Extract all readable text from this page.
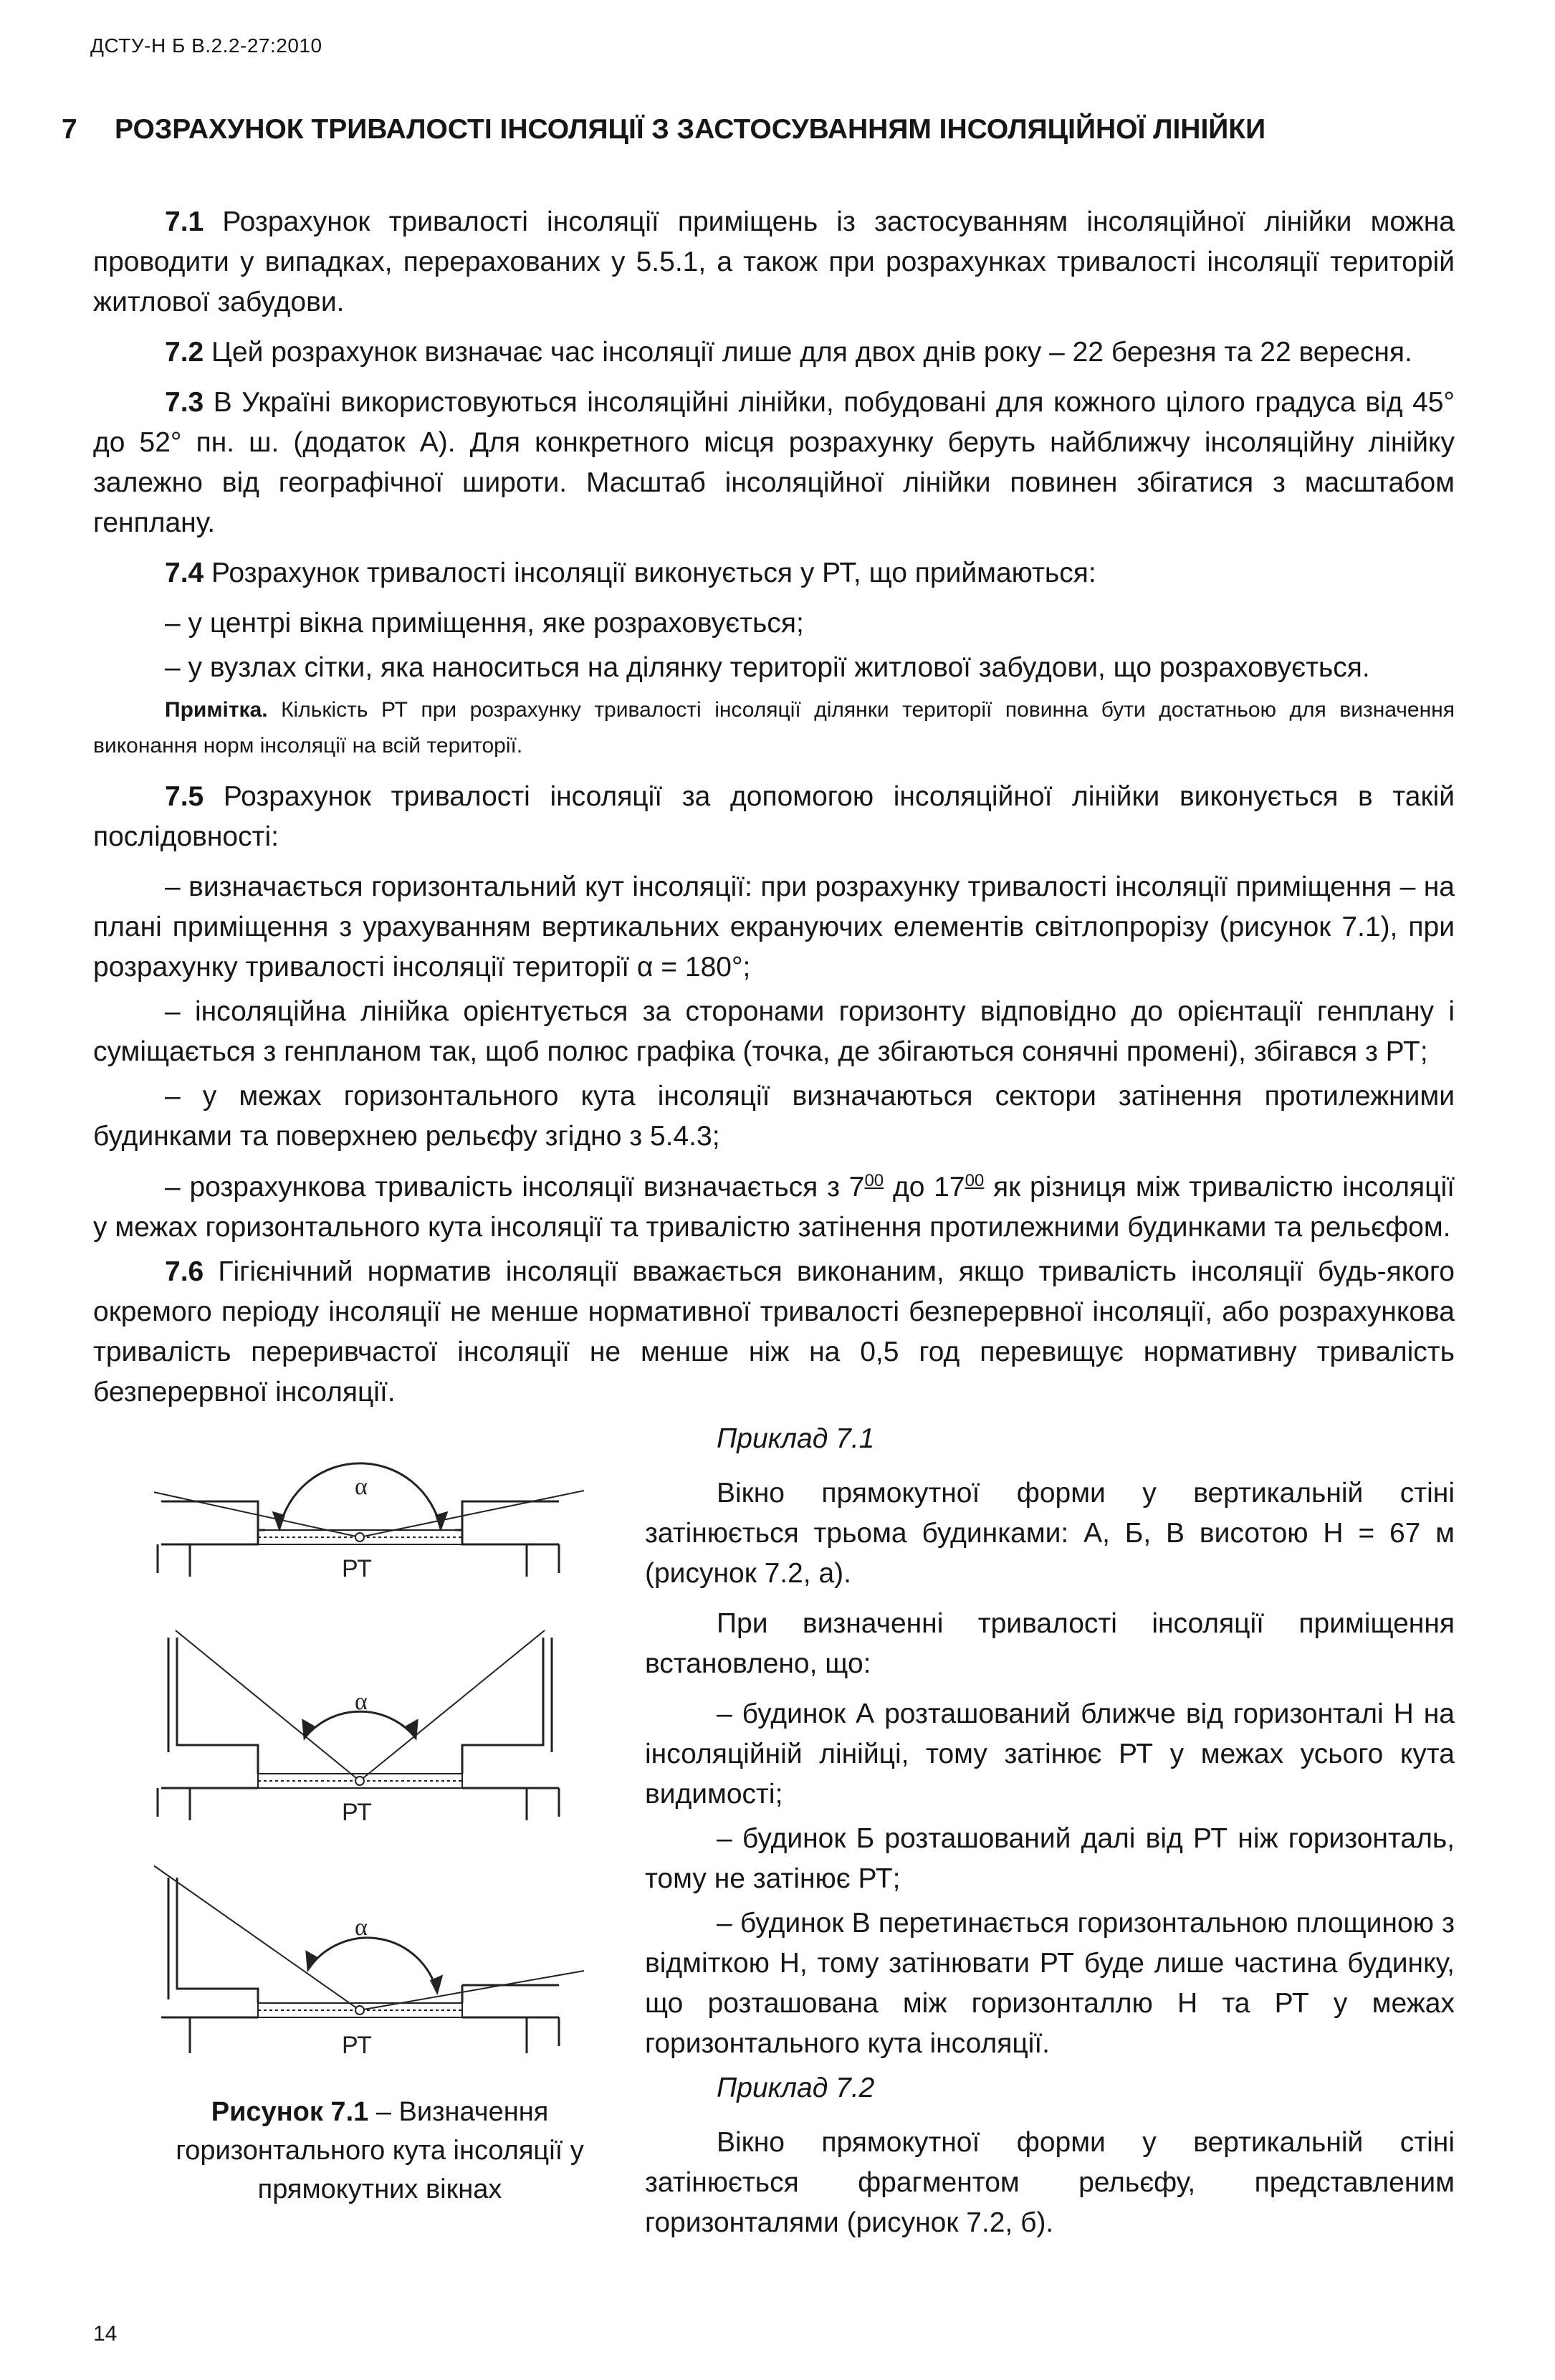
ДСТУ-Н Б В.2.2-27:2010
7 РОЗРАХУНОК ТРИВАЛОСТІ ІНСОЛЯЦІЇ З ЗАСТОСУВАННЯМ ІНСОЛЯЦІЙНОЇ ЛІНІЙКИ

7.1 Розрахунок тривалості інсоляції приміщень із застосуванням інсоляційної лінійки можна проводити у випадках, перерахованих у 5.5.1, а також при розрахунках тривалості інсоляції територій житлової забудови.

7.2 Цей розрахунок визначає час інсоляції лише для двох днів року – 22 березня та 22 вересня.

7.3 В Україні використовуються інсоляційні лінійки, побудовані для кожного цілого градуса від 45° до 52° пн. ш. (додаток А). Для конкретного місця розрахунку беруть найближчу інсоляційну лінійку залежно від географічної широти. Масштаб інсоляційної лінійки повинен збігатися з масштабом генплану.

7.4 Розрахунок тривалості інсоляції виконується у РТ, що приймаються:

– у центрі вікна приміщення, яке розраховується;

– у вузлах сітки, яка наноситься на ділянку території житлової забудови, що розраховується.

Примітка. Кількість РТ при розрахунку тривалості інсоляції ділянки території повинна бути достатньою для визначення виконання норм інсоляції на всій території.

7.5 Розрахунок тривалості інсоляції за допомогою інсоляційної лінійки виконується в такій послідовності:

– визначається горизонтальний кут інсоляції: при розрахунку тривалості інсоляції приміщення – на плані приміщення з урахуванням вертикальних екрануючих елементів світлопрорізу (рисунок 7.1), при розрахунку тривалості інсоляції території α = 180°;

– інсоляційна лінійка орієнтується за сторонами горизонту відповідно до орієнтації генплану і суміщається з генпланом так, щоб полюс графіка (точка, де збігаються сонячні промені), збігався з РТ;

– у межах горизонтального кута інсоляції визначаються сектори затінення протилежними будинками та поверхнею рельєфу згідно з 5.4.3;

– розрахункова тривалість інсоляції визначається з $7^{00}$ до $17^{00}$ як різниця між тривалістю інсоляції у межах горизонтального кута інсоляції та тривалістю затінення протилежними будинками та рельєфом.

7.6 Гігієнічний норматив інсоляції вважається виконаним, якщо тривалість інсоляції будь-якого окремого періоду інсоляції не менше нормативної тривалості безперервної інсоляції, або розрахункова тривалість переривчастої інсоляції не менше ніж на 0,5 год перевищує нормативну тривалість безперервної інсоляції.

α
РТ
α
РТ
α
РТ
Рисунок 7.1 – Визначення горизонтального кута інсоляції у прямокутних вікнах

Приклад 7.1

Вікно прямокутної форми у вертикальній стіні затінюється трьома будинками: А, Б, В висотою Н = 67 м (рисунок 7.2, а).

При визначенні тривалості інсоляції приміщення встановлено, що:

– будинок А розташований ближче від горизонталі Н на інсоляційній лінійці, тому затінює РТ у межах усього кута видимості;

– будинок Б розташований далі від РТ ніж горизонталь, тому не затінює РТ;

– будинок В перетинається горизонтальною площиною з відміткою Н, тому затінювати РТ буде лише частина будинку, що розташована між горизонталлю Н та РТ у межах горизонтального кута інсоляції.

Приклад 7.2

Вікно прямокутної форми у вертикальній стіні затінюється фрагментом рельєфу, представленим горизонталями (рисунок 7.2, б).

14
